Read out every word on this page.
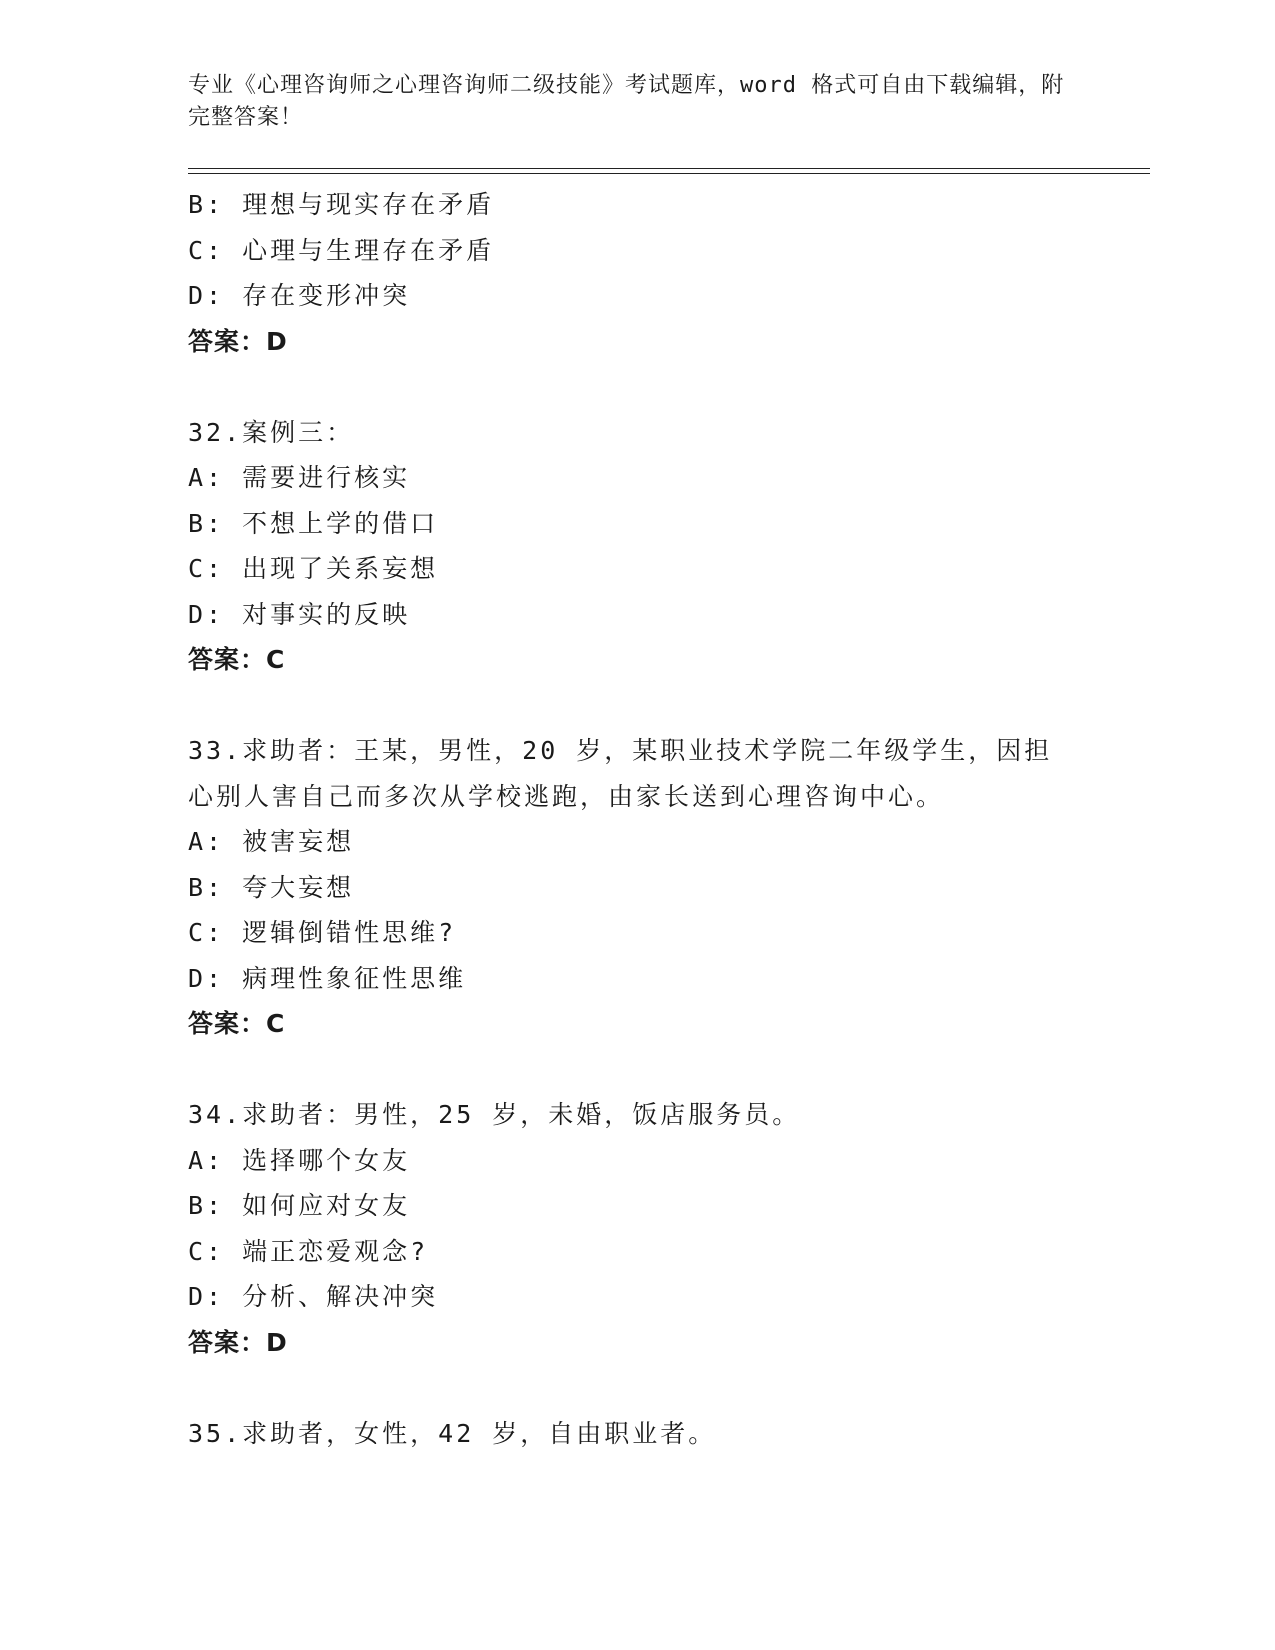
专业《心理咨询师之心理咨询师二级技能》考试题库，word 格式可自由下载编辑，附完整答案！
B: 理想与现实存在矛盾
C: 心理与生理存在矛盾
D: 存在变形冲突
答案：D
32.案例三：
A: 需要进行核实
B: 不想上学的借口
C: 出现了关系妄想
D: 对事实的反映
答案：C
33.求助者：王某，男性，20 岁，某职业技术学院二年级学生，因担心别人害自己而多次从学校逃跑，由家长送到心理咨询中心。
A: 被害妄想
B: 夸大妄想
C: 逻辑倒错性思维?
D: 病理性象征性思维
答案：C
34.求助者：男性，25 岁，未婚，饭店服务员。
A: 选择哪个女友
B: 如何应对女友
C: 端正恋爱观念?
D: 分析、解决冲突
答案：D
35.求助者，女性，42 岁，自由职业者。
